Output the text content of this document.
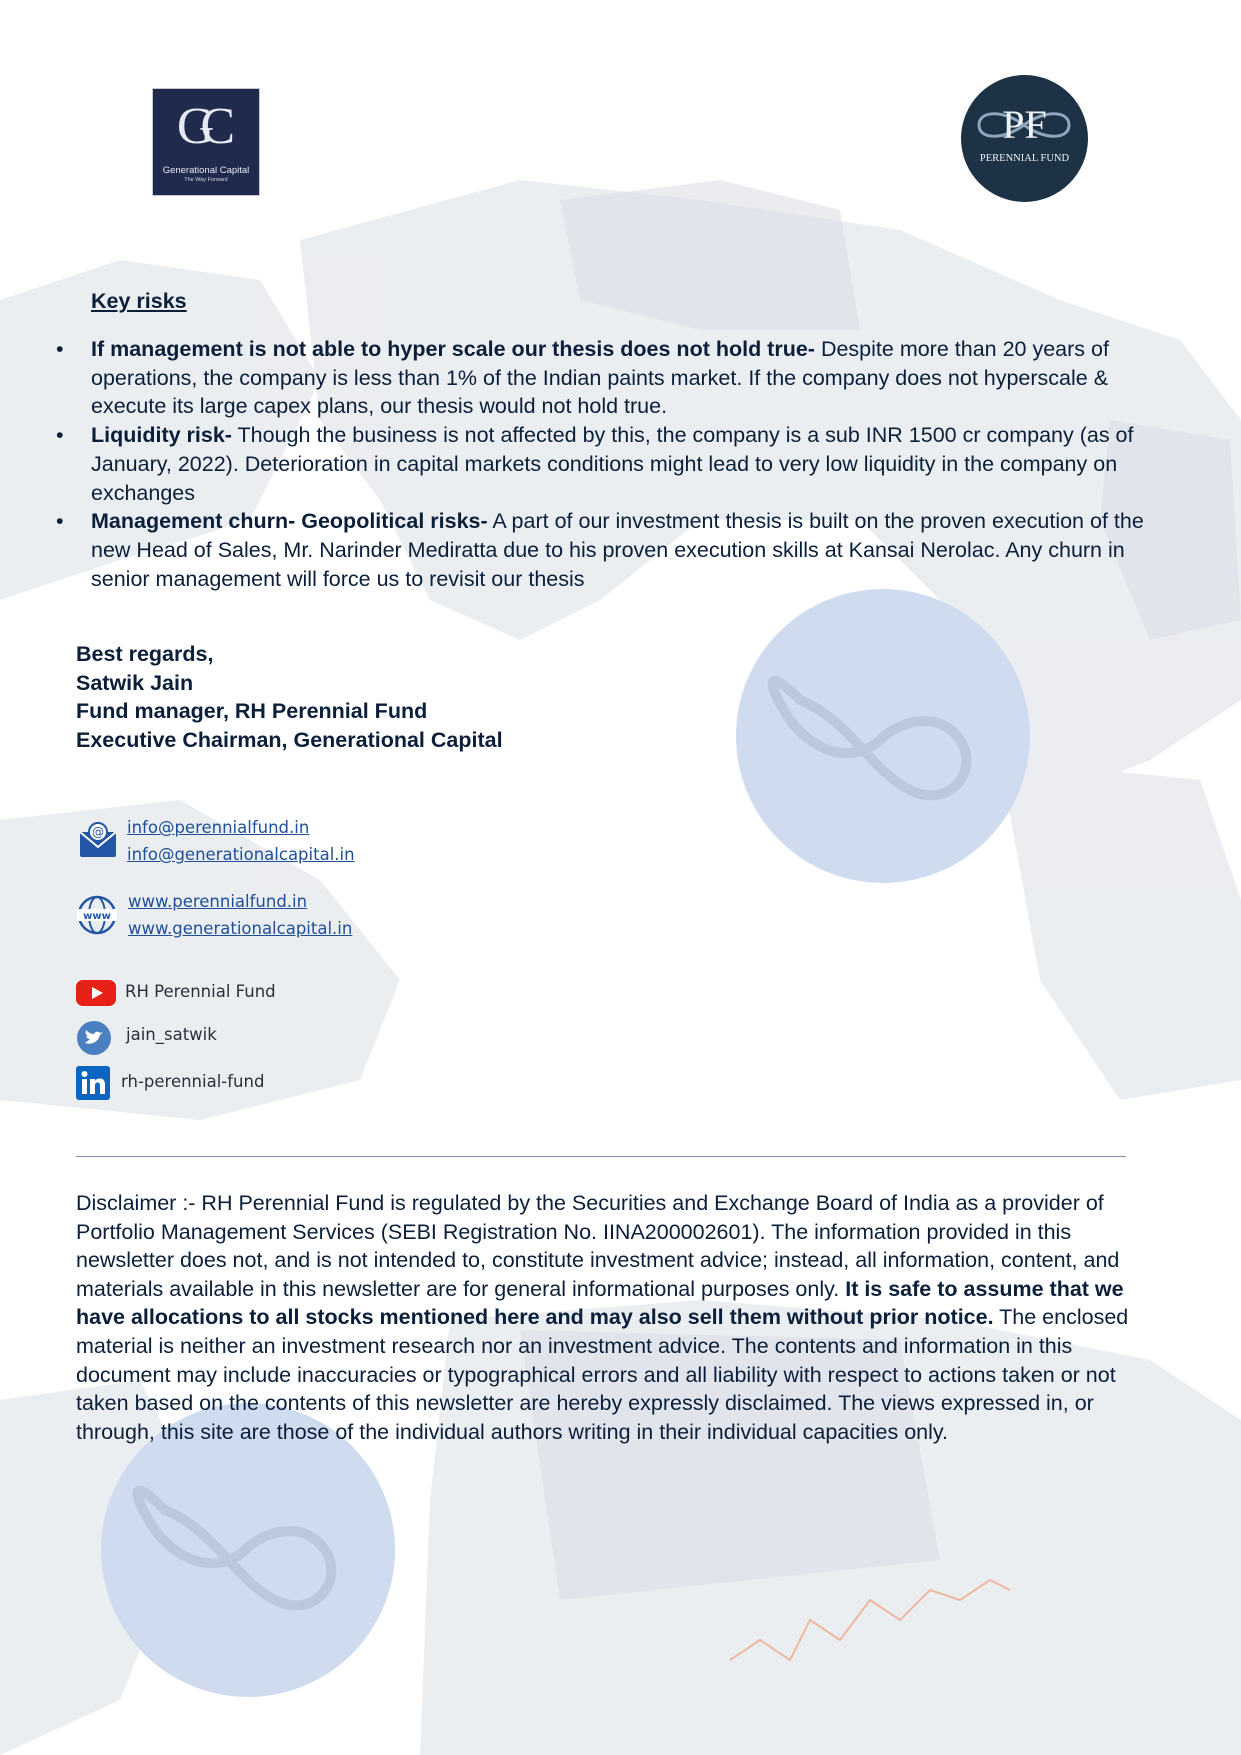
GC
Generational Capital
The Way Forward
PF
PERENNIAL FUND
Key risks
• If management is not able to hyper scale our thesis does not hold true- Despite more than 20 years of operations, the company is less than 1% of the Indian paints market. If the company does not hyperscale & execute its large capex plans, our thesis would not hold true.
• Liquidity risk- Though the business is not affected by this, the company is a sub INR 1500 cr company (as of January, 2022). Deterioration in capital markets conditions might lead to very low liquidity in the company on exchanges
• Management churn- Geopolitical risks- A part of our investment thesis is built on the proven execution of the new Head of Sales, Mr. Narinder Mediratta due to his proven execution skills at Kansai Nerolac. Any churn in senior management will force us to revisit our thesis
Best regards,
Satwik Jain
Fund manager, RH Perennial Fund
Executive Chairman, Generational Capital
@ info@perennialfund.in
info@generationalcapital.in
www
www.perennialfund.in
www.generationalcapital.in
RH Perennial Fund
jain_satwik
rh-perennial-fund

Disclaimer :- RH Perennial Fund is regulated by the Securities and Exchange Board of India as a provider of Portfolio Management Services (SEBI Registration No. IINA200002601). The information provided in this newsletter does not, and is not intended to, constitute investment advice; instead, all information, content, and materials available in this newsletter are for general informational purposes only. It is safe to assume that we have allocations to all stocks mentioned here and may also sell them without prior notice. The enclosed material is neither an investment research nor an investment advice. The contents and information in this document may include inaccuracies or typographical errors and all liability with respect to actions taken or not taken based on the contents of this newsletter are hereby expressly disclaimed. The views expressed in, or through, this site are those of the individual authors writing in their individual capacities only.
